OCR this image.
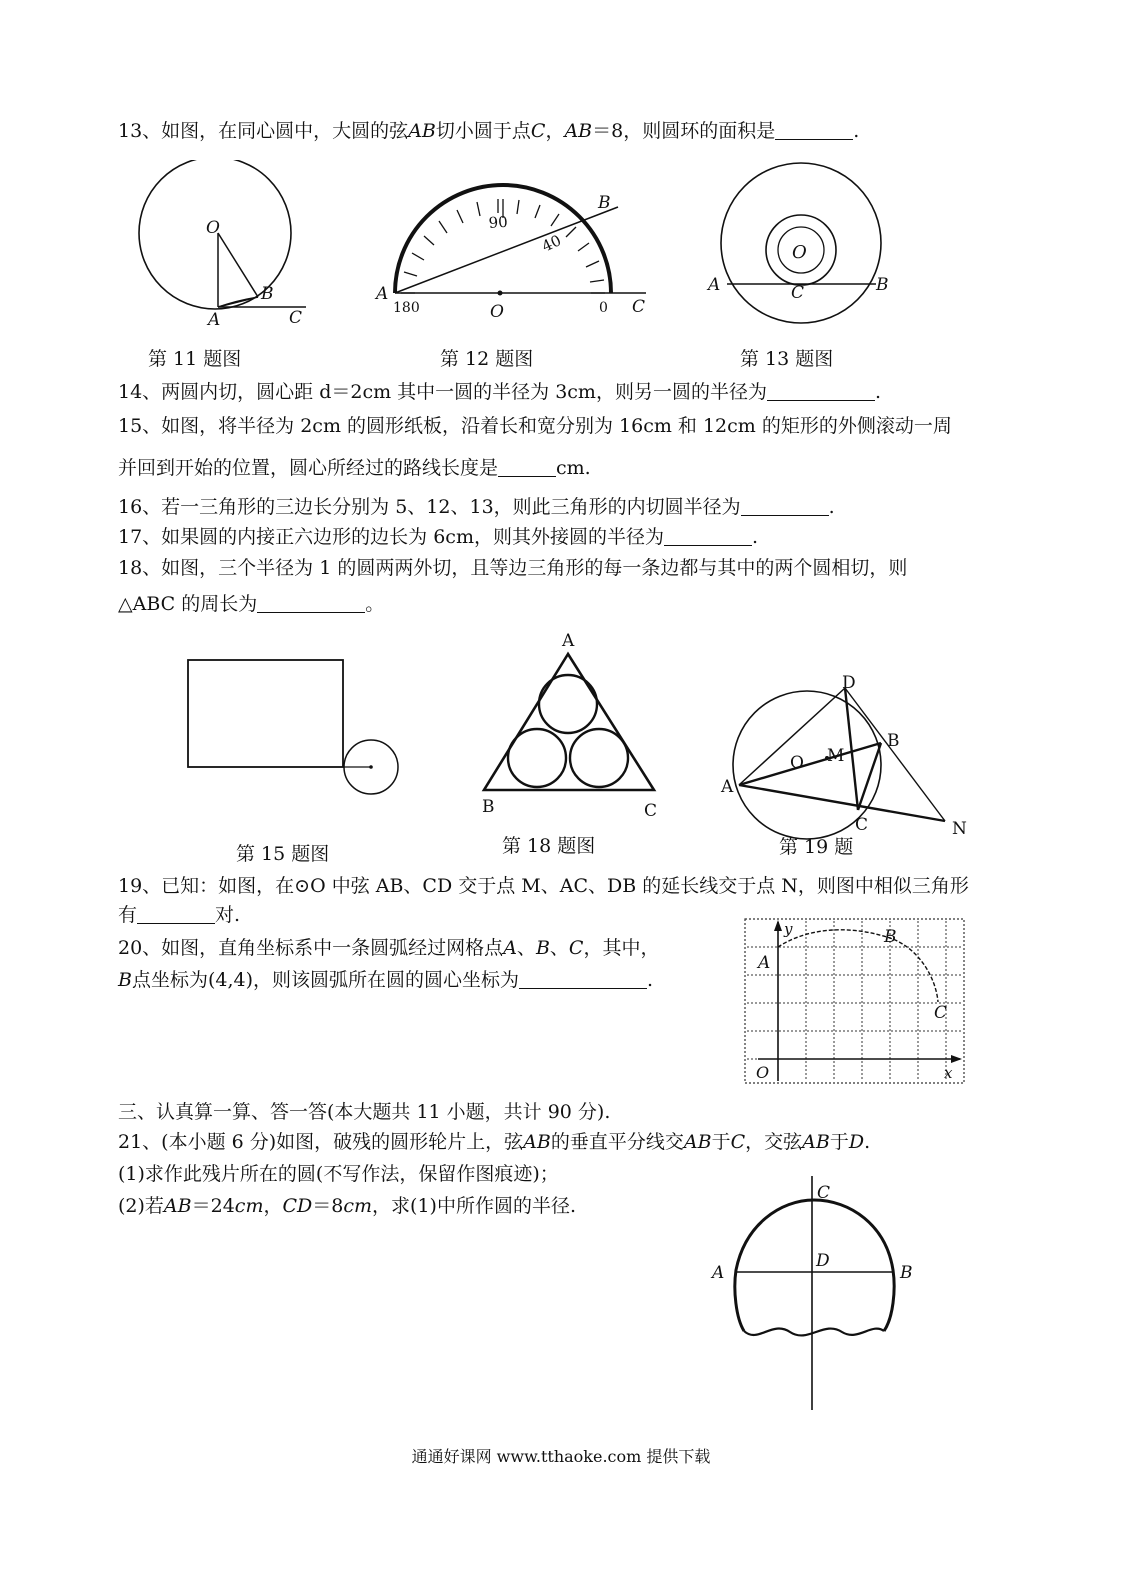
13、如图，在同心圆中，大圆的弦AB切小圆于点C，AB＝8，则圆环的面积是	.
O
A
B
C
第 11 题图
90
40
180	0
A
B
O	C
第 12 题图
O
A	C	B
第 13 题图
14、两圆内切，圆心距 d＝2cm 其中一圆的半径为 3cm，则另一圆的半径为	.
15、如图，将半径为 2cm 的圆形纸板，沿着长和宽分别为 16cm 和 12cm 的矩形的外侧滚动一周
并回到开始的位置，圆心所经过的路线长度是	cm.
16、若一三角形的三边长分别为 5、12、13，则此三角形的内切圆半径为	.
17、如果圆的内接正六边形的边长为 6cm，则其外接圆的半径为	.
18、如图，三个半径为 1 的圆两两外切，且等边三角形的每一条边都与其中的两个圆相切，则
△ABC 的周长为	。
第 15 题图
A
B	C
第 18 题图
D
B
A
O M
C	N
第 19 题
19、已知：如图，在⊙O 中弦 AB、CD 交于点 M、AC、DB 的延长线交于点 N，则图中相似三角形
有	对.
20、如图，直角坐标系中一条圆弧经过网格点A、B、C，其中，
B点坐标为(4,4)，则该圆弧所在圆的圆心坐标为	.
y
x
O
A
B
C
三、认真算一算、答一答(本大题共 11 小题，共计 90 分).
21、(本小题 6 分)如图，破残的圆形轮片上，弦AB的垂直平分线交AB于C，交弦AB于D.
(1)求作此残片所在的圆(不写作法，保留作图痕迹)；
(2)若AB＝24cm，CD＝8cm，求(1)中所作圆的半径.
C
D
A	B
通通好课网 www.tthaoke.com 提供下载
